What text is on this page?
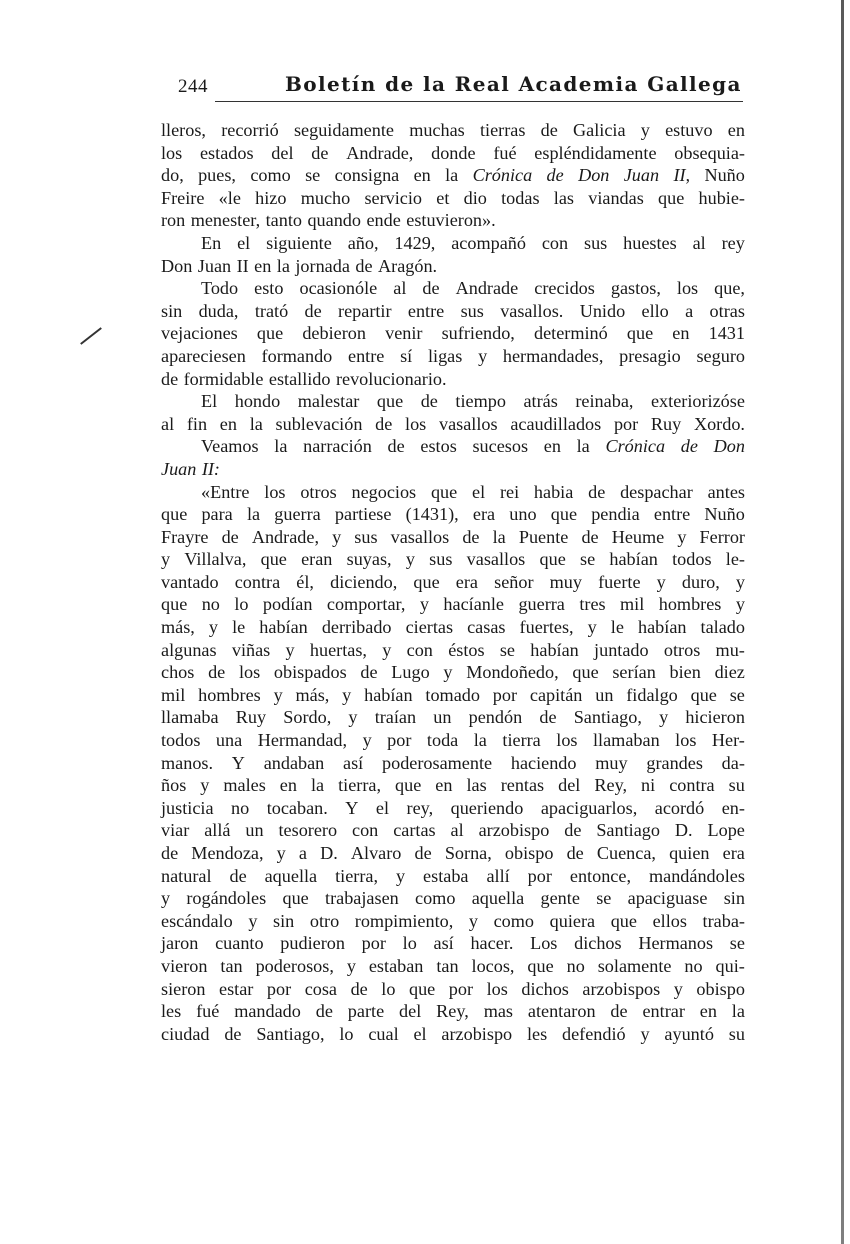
244	Boletín de la Real Academia Gallega
lleros, recorrió seguidamente muchas tierras de Galicia y estuvo en
los estados del de Andrade, donde fué espléndidamente obsequia-
do, pues, como se consigna en la Crónica de Don Juan II, Nuño
Freire «le hizo mucho servicio et dio todas las viandas que hubie-
ron menester, tanto quando ende estuvieron».
En el siguiente año, 1429, acompañó con sus huestes al rey
Don Juan II en la jornada de Aragón.
Todo esto ocasionóle al de Andrade crecidos gastos, los que,
sin duda, trató de repartir entre sus vasallos. Unido ello a otras
vejaciones que debieron venir sufriendo, determinó que en 1431
apareciesen formando entre sí ligas y hermandades, presagio seguro
de formidable estallido revolucionario.
El hondo malestar que de tiempo atrás reinaba, exteriorizóse
al fin en la sublevación de los vasallos acaudillados por Ruy Xordo.
Veamos la narración de estos sucesos en la Crónica de Don
Juan II:
«Entre los otros negocios que el rei habia de despachar antes
que para la guerra partiese (1431), era uno que pendia entre Nuño
Frayre de Andrade, y sus vasallos de la Puente de Heume y Ferror
y Villalva, que eran suyas, y sus vasallos que se habían todos le-
vantado contra él, diciendo, que era señor muy fuerte y duro, y
que no lo podían comportar, y hacíanle guerra tres mil hombres y
más, y le habían derribado ciertas casas fuertes, y le habían talado
algunas viñas y huertas, y con éstos se habían juntado otros mu-
chos de los obispados de Lugo y Mondoñedo, que serían bien diez
mil hombres y más, y habían tomado por capitán un fidalgo que se
llamaba Ruy Sordo, y traían un pendón de Santiago, y hicieron
todos una Hermandad, y por toda la tierra los llamaban los Her-
manos. Y andaban así poderosamente haciendo muy grandes da-
ños y males en la tierra, que en las rentas del Rey, ni contra su
justicia no tocaban. Y el rey, queriendo apaciguarlos, acordó en-
viar allá un tesorero con cartas al arzobispo de Santiago D. Lope
de Mendoza, y a D. Alvaro de Sorna, obispo de Cuenca, quien era
natural de aquella tierra, y estaba allí por entonce, mandándoles
y rogándoles que trabajasen como aquella gente se apaciguase sin
escándalo y sin otro rompimiento, y como quiera que ellos traba-
jaron cuanto pudieron por lo así hacer. Los dichos Hermanos se
vieron tan poderosos, y estaban tan locos, que no solamente no qui-
sieron estar por cosa de lo que por los dichos arzobispos y obispo
les fué mandado de parte del Rey, mas atentaron de entrar en la
ciudad de Santiago, lo cual el arzobispo les defendió y ayuntó su
